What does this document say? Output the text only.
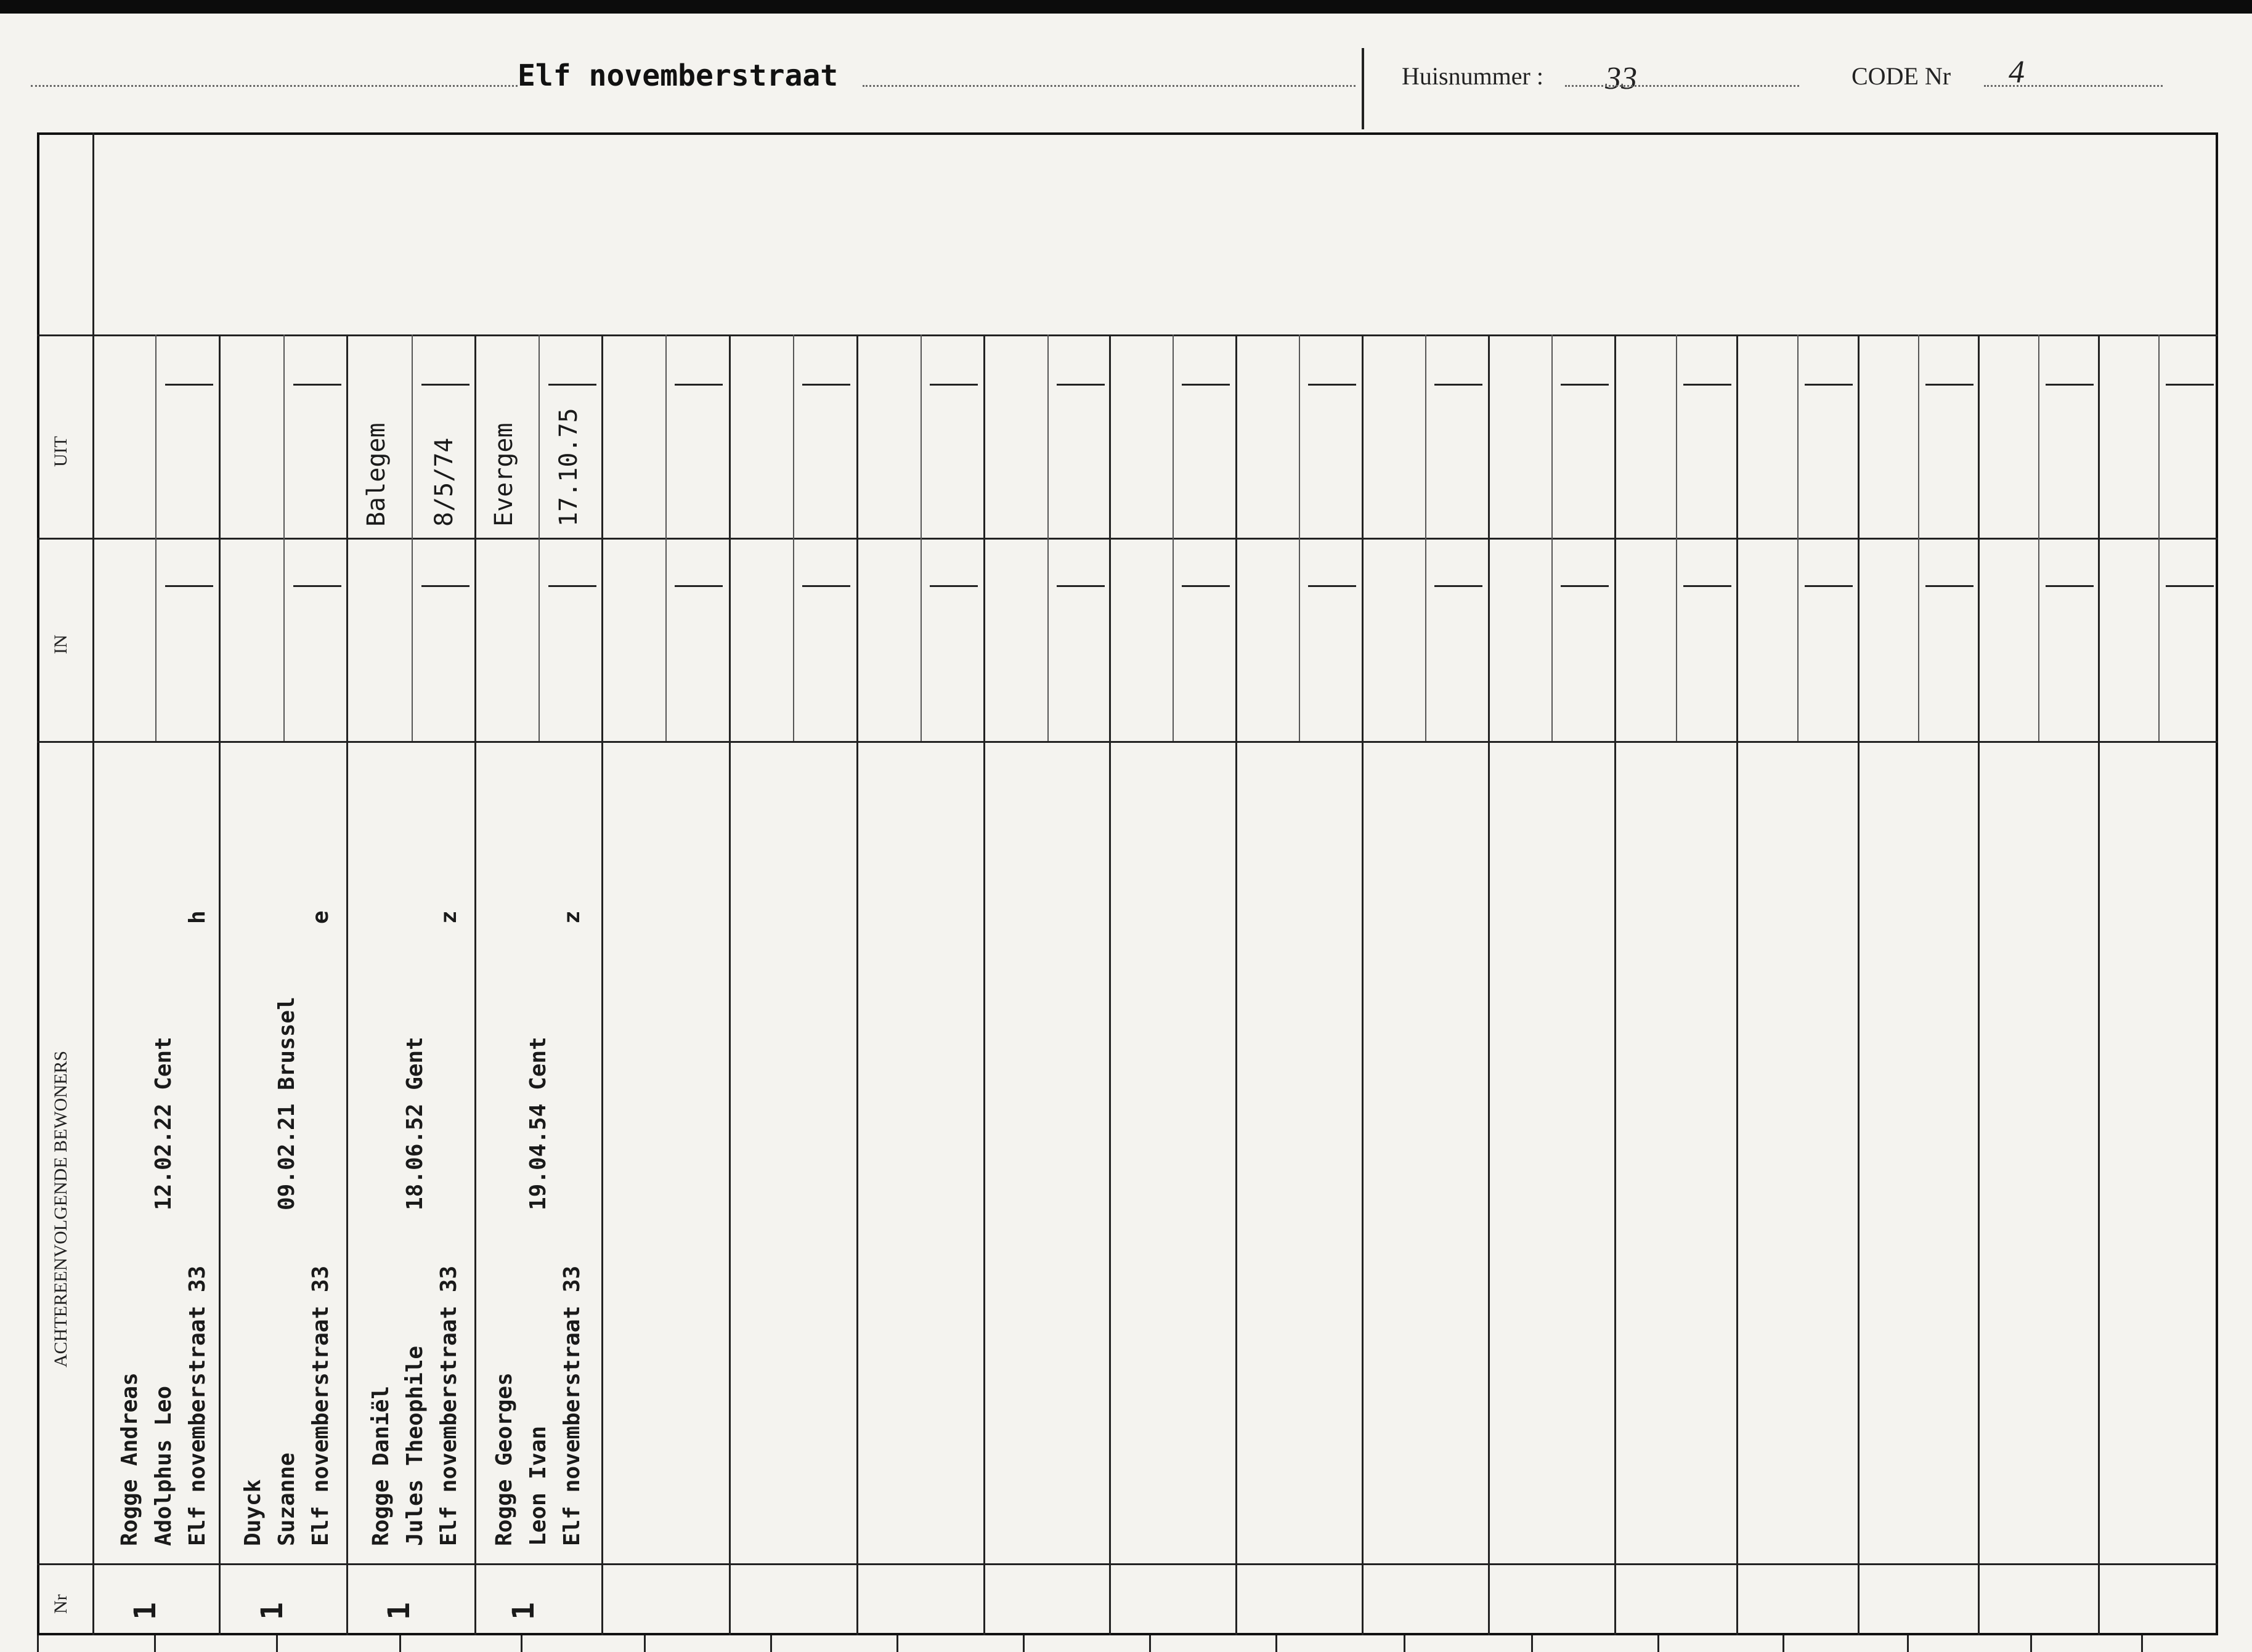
Elf novemberstraat	Huisnummer : 33	CODE Nr 4
UIT
IN
ACHTEREENVOLGENDE BEWONERS
Nr
Rogge Andreas Adolphus Leo
12.02.22 Cent
Elf novemberstraat 33
h
1
Duyck Suzanne
09.02.21 Brussel
Elf novemberstraat 33
e
1
Balegem 8/5/74
Rogge Daniël Jules Theophile
18.06.52 Gent
Elf novemberstraat 33
z
1
Evergem 17.10.75
Rogge Georges Leon Ivan
19.04.54 Cent
Elf novemberstraat 33
z
1
